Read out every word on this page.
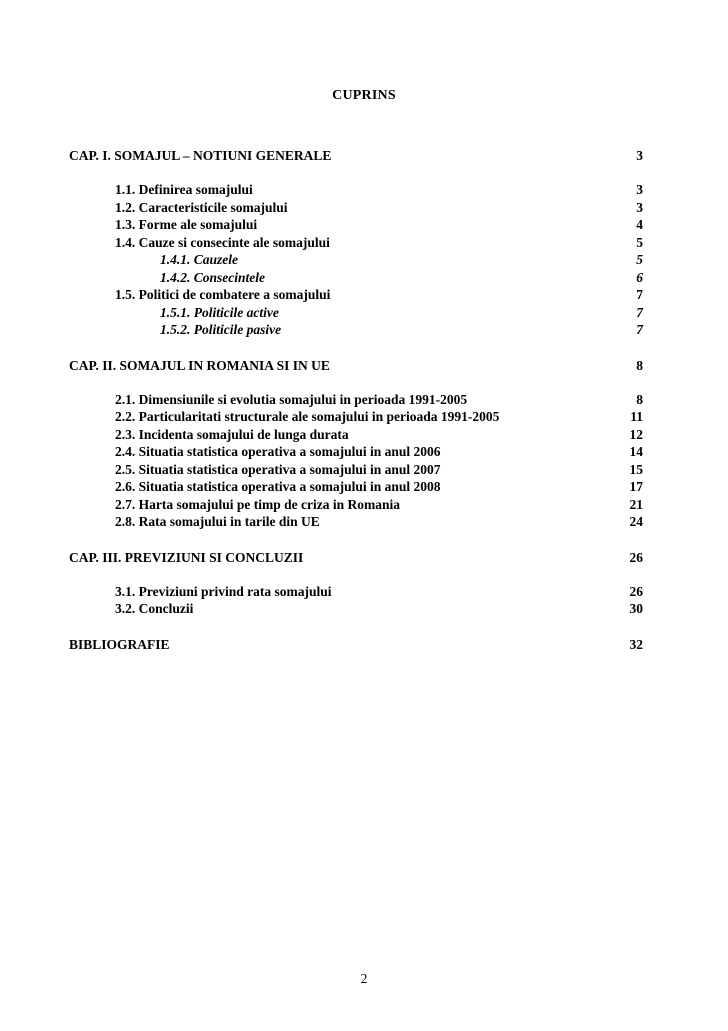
CUPRINS
CAP. I. SOMAJUL – NOTIUNI GENERALE	3
1.1. Definirea somajului	3
1.2. Caracteristicile somajului	3
1.3. Forme ale somajului	4
1.4. Cauze si consecinte ale somajului	5
1.4.1. Cauzele	5
1.4.2. Consecintele	6
1.5. Politici de combatere a somajului	7
1.5.1. Politicile active	7
1.5.2. Politicile pasive	7
CAP. II. SOMAJUL IN ROMANIA SI IN UE	8
2.1. Dimensiunile si evolutia somajului in perioada 1991-2005	8
2.2. Particularitati structurale ale somajului in perioada 1991-2005	11
2.3. Incidenta somajului de lunga durata	12
2.4. Situatia statistica operativa a somajului in anul 2006	14
2.5. Situatia statistica operativa a somajului in anul 2007	15
2.6. Situatia statistica operativa a somajului in anul 2008	17
2.7. Harta somajului pe timp de criza in Romania	21
2.8. Rata somajului in tarile din UE	24
CAP. III. PREVIZIUNI SI CONCLUZII	26
3.1. Previziuni privind rata somajului	26
3.2. Concluzii	30
BIBLIOGRAFIE	32
2
